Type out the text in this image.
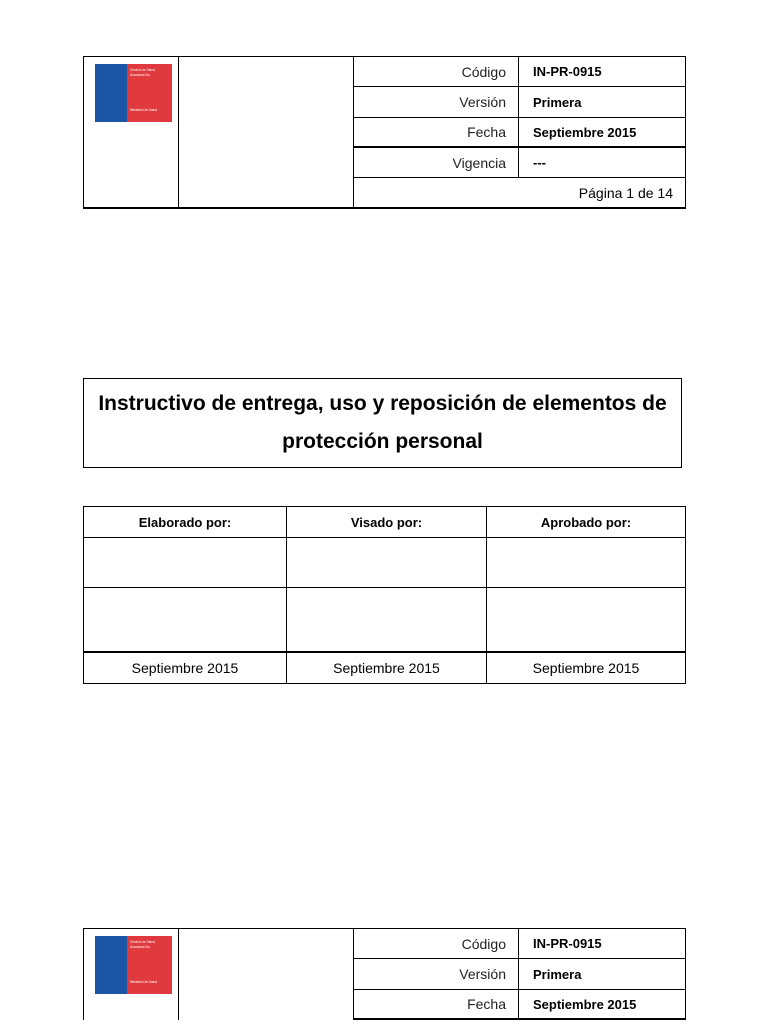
Servicio de Salud
Araucanía Sur
Ministerio de Salud
Código	IN-PR-0915
Versión	Primera
Fecha	Septiembre 2015
Vigencia	---
Página 1 de 14
Instructivo de entrega, uso y reposición de elementos de protección personal
Elaborado por:	Visado por:	Aprobado por:
Septiembre 2015	Septiembre 2015	Septiembre 2015
Servicio de Salud
Araucanía Sur
Ministerio de Salud
Código	IN-PR-0915
Versión	Primera
Fecha	Septiembre 2015
